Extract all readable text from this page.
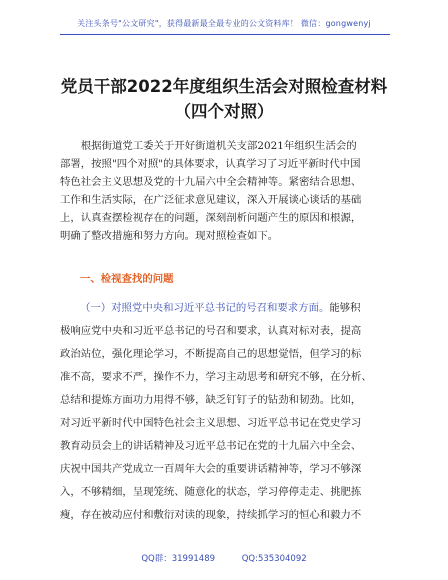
关注头条号"公文研究"，获得最新最全最专业的公文资料库！ 微信：gongwenyj
党员干部2022年度组织生活会对照检查材料
（四个对照）
根据街道党工委关于开好街道机关支部2021年组织生活会的
部署，按照"四个对照"的具体要求，认真学习了习近平新时代中国
特色社会主义思想及党的十九届六中全会精神等。紧密结合思想、
工作和生活实际，在广泛征求意见建议，深入开展谈心谈话的基础
上，认真查摆检视存在的问题，深刻剖析问题产生的原因和根源，
明确了整改措施和努力方向。现对照检查如下。
一、检视查找的问题
（一）对照党中央和习近平总书记的号召和要求方面。能够积
极响应党中央和习近平总书记的号召和要求，认真对标对表，提高
政治站位，强化理论学习，不断提高自己的思想觉悟，但学习的标
准不高，要求不严，操作不力，学习主动思考和研究不够，在分析、
总结和提炼方面功力用得不够，缺乏钉钉子的钻劲和韧劲。比如，
对习近平新时代中国特色社会主义思想、习近平总书记在党史学习
教育动员会上的讲话精神及习近平总书记在党的十九届六中全会、
庆祝中国共产党成立一百周年大会的重要讲话精神等，学习不够深
入，不够精细，呈现笼统、随意化的状态，学习停停走走、挑肥拣
瘦，存在被动应付和敷衍对读的现象，持续抓学习的恒心和毅力不
QQ群：31991489	QQ:535304092
